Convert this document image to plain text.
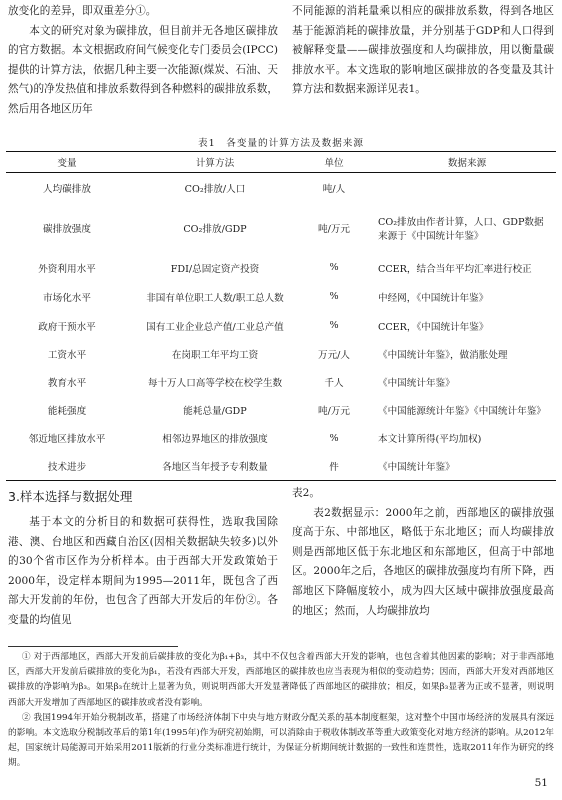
放变化的差异，即双重差分①。

本文的研究对象为碳排放，但目前并无各地区碳排放的官方数据。本文根据政府间气候变化专门委员会(IPCC)提供的计算方法，依据几种主要一次能源(煤炭、石油、天然气)的净发热值和排放系数得到各种燃料的碳排放系数，然后用各地区历年

不同能源的消耗量乘以相应的碳排放系数，得到各地区基于能源消耗的碳排放量，并分别基于GDP和人口得到被解释变量——碳排放强度和人均碳排放，用以衡量碳排放水平。本文选取的影响地区碳排放的各变量及其计算方法和数据来源详见表1。

表1　各变量的计算方法及数据来源
变量	计算方法	单位	数据来源
人均碳排放	CO₂排放/人口	吨/人	
碳排放强度	CO₂排放/GDP	吨/万元	CO₂排放由作者计算，人口、GDP数据来源于《中国统计年鉴》
外资利用水平	FDI/总固定资产投资	%	CCER，结合当年平均汇率进行校正
市场化水平	非国有单位职工人数/职工总人数	%	中经网，《中国统计年鉴》
政府干预水平	国有工业企业总产值/工业总产值	%	CCER，《中国统计年鉴》
工资水平	在岗职工年平均工资	万元/人	《中国统计年鉴》，做消胀处理
教育水平	每十万人口高等学校在校学生数	千人	《中国统计年鉴》
能耗强度	能耗总量/GDP	吨/万元	《中国能源统计年鉴》《中国统计年鉴》
邻近地区排放水平	相邻边界地区的排放强度	%	本文计算所得(平均加权)
技术进步	各地区当年授予专利数量	件	《中国统计年鉴》
3.样本选择与数据处理

基于本文的分析目的和数据可获得性，选取我国除港、澳、台地区和西藏自治区(因相关数据缺失较多)以外的30个省市区作为分析样本。由于西部大开发政策始于2000年，设定样本期间为1995—2011年，既包含了西部大开发前的年份，也包含了西部大开发后的年份②。各变量的均值见

表2。

表2数据显示：2000年之前，西部地区的碳排放强度高于东、中部地区，略低于东北地区；而人均碳排放则是西部地区低于东北地区和东部地区，但高于中部地区。2000年之后，各地区的碳排放强度均有所下降，西部地区下降幅度较小，成为四大区域中碳排放强度最高的地区；然而，人均碳排放均

① 对于西部地区，西部大开发前后碳排放的变化为β₁+β₃，其中不仅包含着西部大开发的影响，也包含着其他因素的影响；对于非西部地区，西部大开发前后碳排放的变化为β₁，若没有西部大开发，西部地区的碳排放也应当表现为相似的变动趋势；因而，西部大开发对西部地区碳排放的净影响为β₃。如果β₃在统计上显著为负，则说明西部大开发显著降低了西部地区的碳排放；相反，如果β₃显著为正或不显著，则说明西部大开发增加了西部地区的碳排放或者没有影响。

② 我国1994年开始分税制改革，搭建了市场经济体制下中央与地方财政分配关系的基本制度框架，这对整个中国市场经济的发展具有深远的影响。本文选取分税制改革后的第1年(1995年)作为研究初始期，可以消除由于税收体制改革等重大政策变化对地方经济的影响。从2012年起，国家统计局能源司开始采用2011版新的行业分类标准进行统计，为保证分析期间统计数据的一致性和连贯性，选取2011年作为研究的终期。

51
